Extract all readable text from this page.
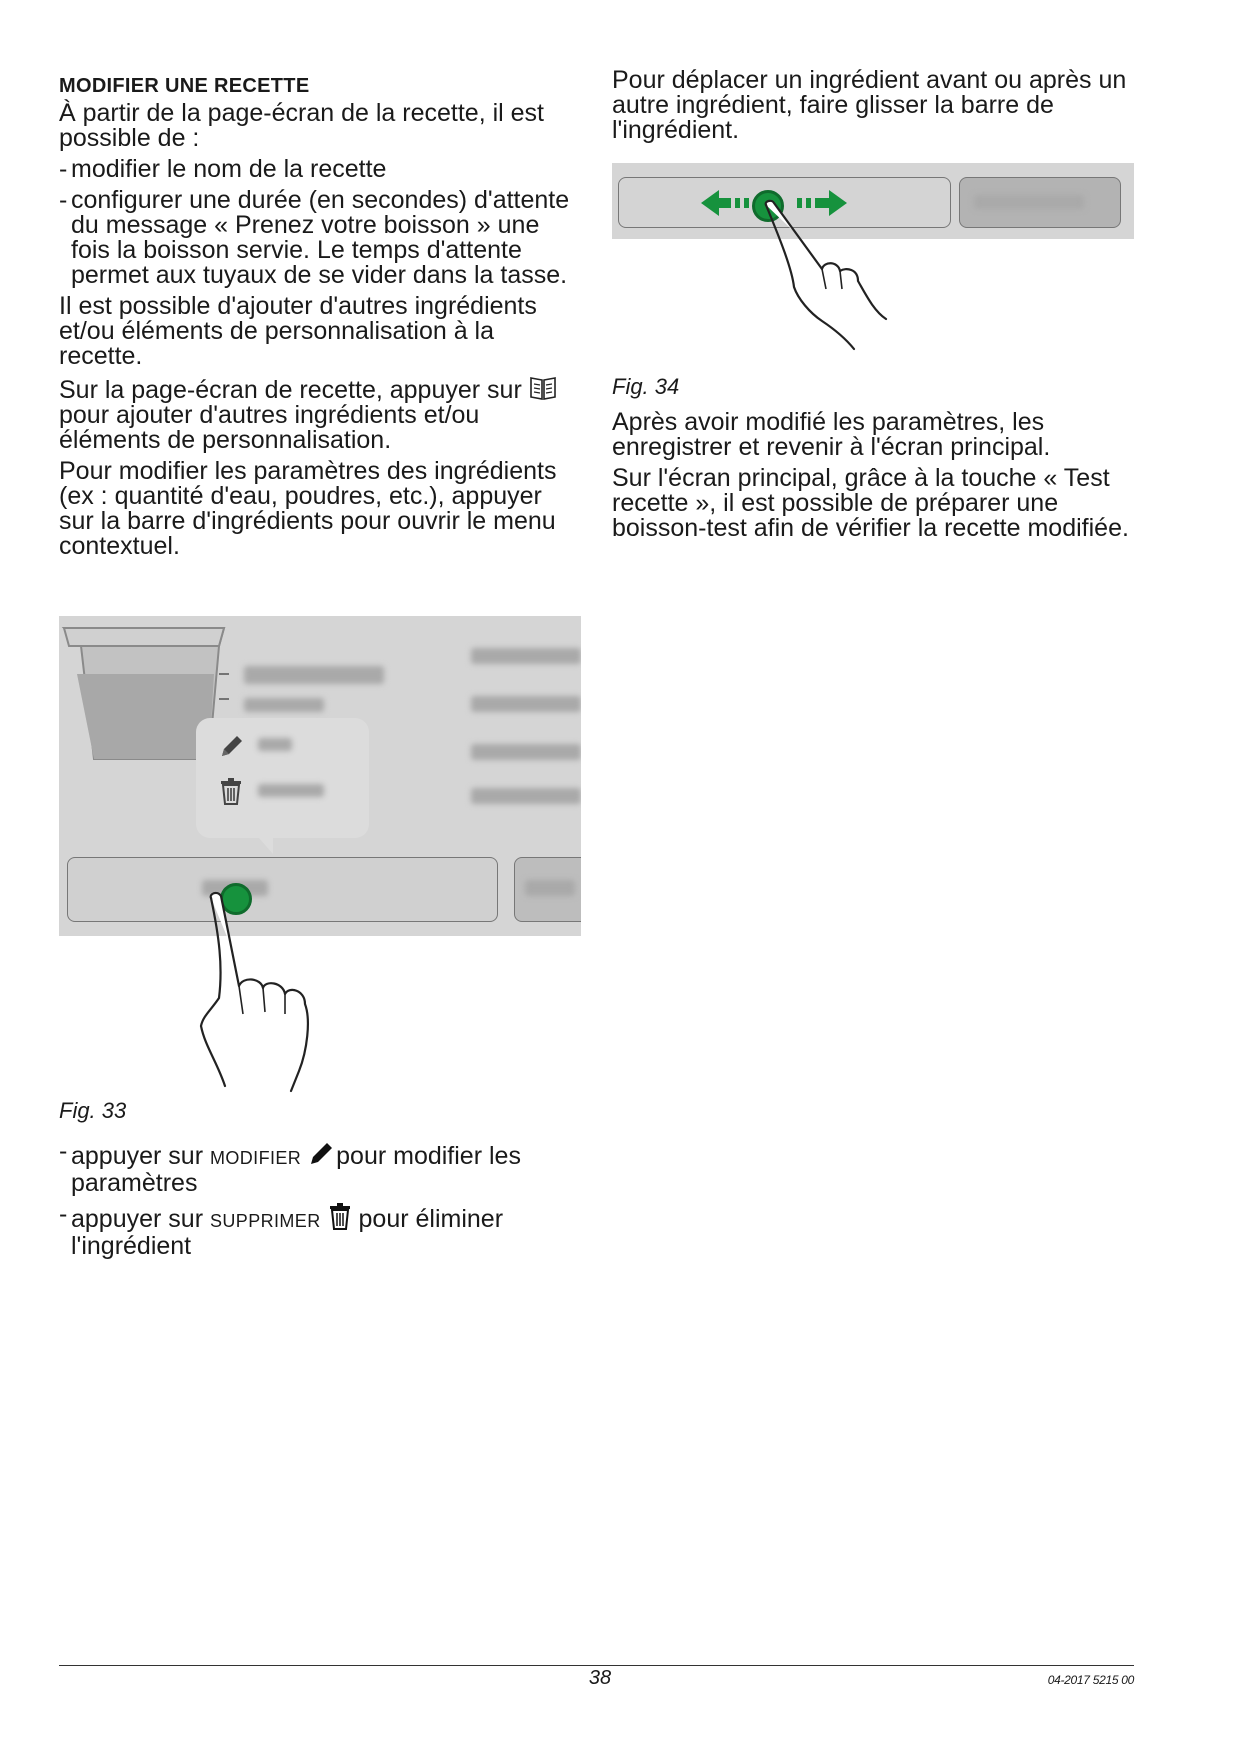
MODIFIER UNE RECETTE

À partir de la page-écran de la recette, il est possible de :

- modifier le nom de la recette

- configurer une durée (en secondes) d'attente du message « Prenez votre boisson » une fois la boisson servie. Le temps d'attente permet aux tuyaux de se vider dans la tasse.

Il est possible d'ajouter d'autres ingrédients et/ou éléments de personnalisation à la recette.

Sur la page-écran de recette, appuyer sur
pour ajouter d'autres ingrédients et/ou éléments de personnalisation.

Pour modifier les paramètres des ingrédients (ex : quantité d'eau, poudres, etc.), appuyer sur la barre d'ingrédients pour ouvrir le menu contextuel.

Fig. 33

- appuyer sur MODIFIER pour modifier les paramètres

- appuyer sur SUPPRIMER pour éliminer l'ingrédient

Pour déplacer un ingrédient avant ou après un autre ingrédient, faire glisser la barre de l'ingrédient.

Fig. 34

Après avoir modifié les paramètres, les enregistrer et revenir à l'écran principal.

Sur l'écran principal, grâce à la touche « Test recette », il est possible de préparer une boisson-test afin de vérifier la recette modifiée.

38	04-2017 5215 00
